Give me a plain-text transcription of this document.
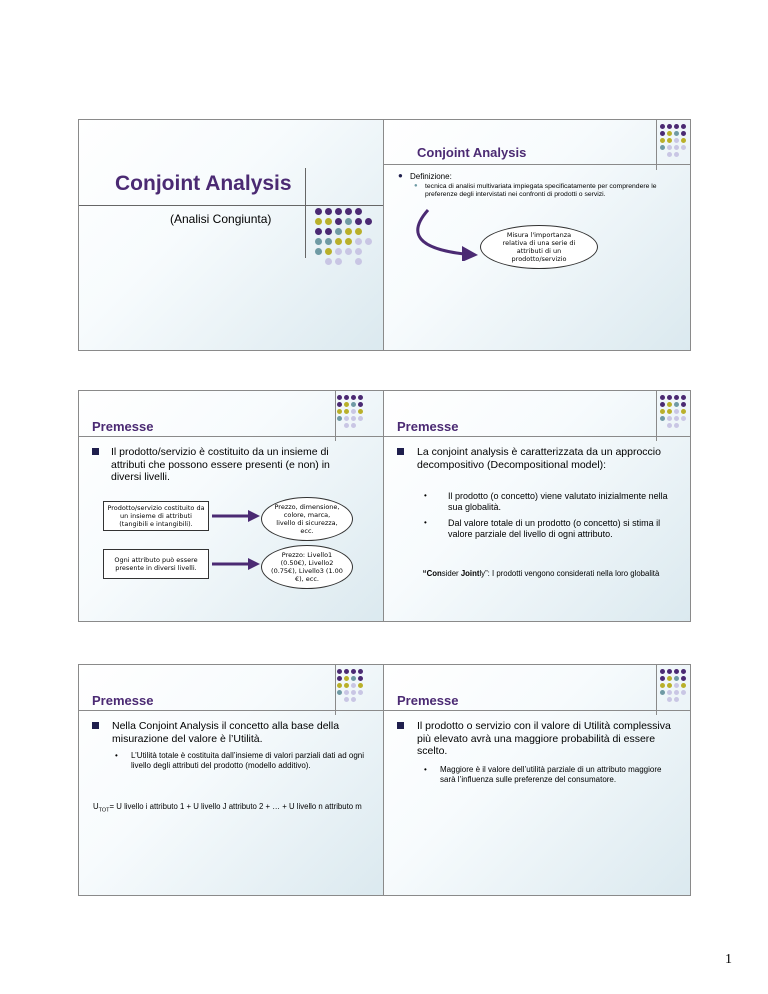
Conjoint Analysis
(Analisi Congiunta)
Conjoint Analysis
● Definizione:
● tecnica di analisi multivariata impiegata specificatamente per comprendere le preferenze degli intervistati nei confronti di prodotti o servizi.
Misura l'importanza relativa di una serie di attributi di un prodotto/servizio
Premesse
Il prodotto/servizio è costituito da un insieme di attributi che possono essere presenti (e non) in diversi livelli.
Prodotto/servizio costituito da un insieme di attributi (tangibili e intangibili).
Prezzo, dimensione, colore, marca, livello di sicurezza, ecc.
Ogni attributo può essere presente in diversi livelli.
Prezzo: Livello1 (0.50€), Livello2 (0.75€), Livello3 (1.00 €), ecc.
Premesse
La conjoint analysis è caratterizzata da un approccio decompositivo (Decompositional model):
• Il prodotto (o concetto) viene valutato inizialmente nella sua globalità.
• Dal valore totale di un prodotto (o concetto) si stima il valore parziale del livello di ogni attributo.
“Consider Jointly”: I prodotti vengono considerati nella loro globalità
Premesse
Nella Conjoint Analysis il concetto alla base della misurazione del valore è l’Utilità.
• L’Utilità totale è costituita dall’insieme di valori parziali dati ad ogni livello degli attributi del prodotto (modello additivo).
$U_{TOT}= U$ livello i attributo 1 + U livello J attributo 2 + … + U livello n attributo m
Premesse
Il prodotto o servizio con il valore di Utilità complessiva più elevato avrà una maggiore probabilità di essere scelto.
• Maggiore è il valore dell’utilità parziale di un attributo maggiore sarà l’influenza sulle preferenze del consumatore.
1
